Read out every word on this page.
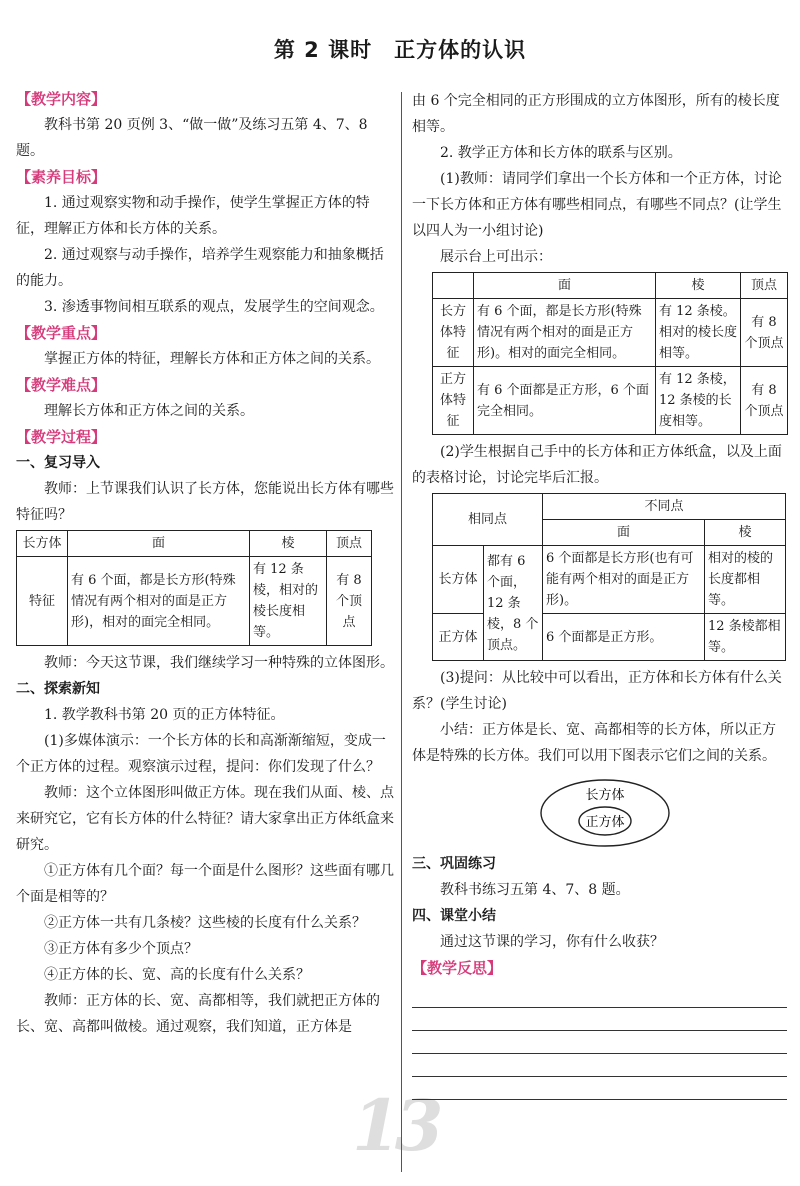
第 2 课时　正方体的认识
13

【教学内容】

教科书第 20 页例 3、“做一做”及练习五第 4、7、8 题。

【素养目标】

1. 通过观察实物和动手操作，使学生掌握正方体的特征，理解正方体和长方体的关系。

2. 通过观察与动手操作，培养学生观察能力和抽象概括的能力。

3. 渗透事物间相互联系的观点，发展学生的空间观念。

【教学重点】

掌握正方体的特征，理解长方体和正方体之间的关系。

【教学难点】

理解长方体和正方体之间的关系。

【教学过程】

一、复习导入

教师：上节课我们认识了长方体，您能说出长方体有哪些特征吗？

长方体	面	棱	顶点
特征	有 6 个面，都是长方形(特殊情况有两个相对的面是正方形)，相对的面完全相同。	有 12 条棱，相对的棱长度相等。	有 8 个顶点

教师：今天这节课，我们继续学习一种特殊的立体图形。

二、探索新知

1. 教学教科书第 20 页的正方体特征。

(1)多媒体演示：一个长方体的长和高渐渐缩短，变成一个正方体的过程。观察演示过程，提问：你们发现了什么？

教师：这个立体图形叫做正方体。现在我们从面、棱、点来研究它，它有长方体的什么特征？请大家拿出正方体纸盒来研究。

①正方体有几个面？每一个面是什么图形？这些面有哪几个面是相等的？

②正方体一共有几条棱？这些棱的长度有什么关系？

③正方体有多少个顶点？

④正方体的长、宽、高的长度有什么关系？

教师：正方体的长、宽、高都相等，我们就把正方体的长、宽、高都叫做棱。通过观察，我们知道，正方体是

由 6 个完全相同的正方形围成的立方体图形，所有的棱长度相等。

2. 教学正方体和长方体的联系与区别。

(1)教师：请同学们拿出一个长方体和一个正方体，讨论一下长方体和正方体有哪些相同点，有哪些不同点？(让学生以四人为一小组讨论)

展示台上可出示：

	面	棱	顶点
长方体特征	有 6 个面，都是长方形(特殊情况有两个相对的面是正方形)。相对的面完全相同。	有 12 条棱。相对的棱长度相等。	有 8 个顶点
正方体特征	有 6 个面都是正方形，6 个面完全相同。	有 12 条棱，12 条棱的长度相等。	有 8 个顶点

(2)学生根据自己手中的长方体和正方体纸盒，以及上面的表格讨论，讨论完毕后汇报。

相同点		不同点	
		面	棱
长方体	都有 6 个面，12 条棱，8 个顶点。	6 个面都是长方形(也有可能有两个相对的面是正方形)。	相对的棱的长度都相等。
正方体		6 个面都是正方形。	12 条棱都相等。

(3)提问：从比较中可以看出，正方体和长方体有什么关系？(学生讨论)

小结：正方体是长、宽、高都相等的长方体，所以正方体是特殊的长方体。我们可以用下图表示它们之间的关系。

长方体
正方体

三、巩固练习

教科书练习五第 4、7、8 题。

四、课堂小结

通过这节课的学习，你有什么收获？

【教学反思】
